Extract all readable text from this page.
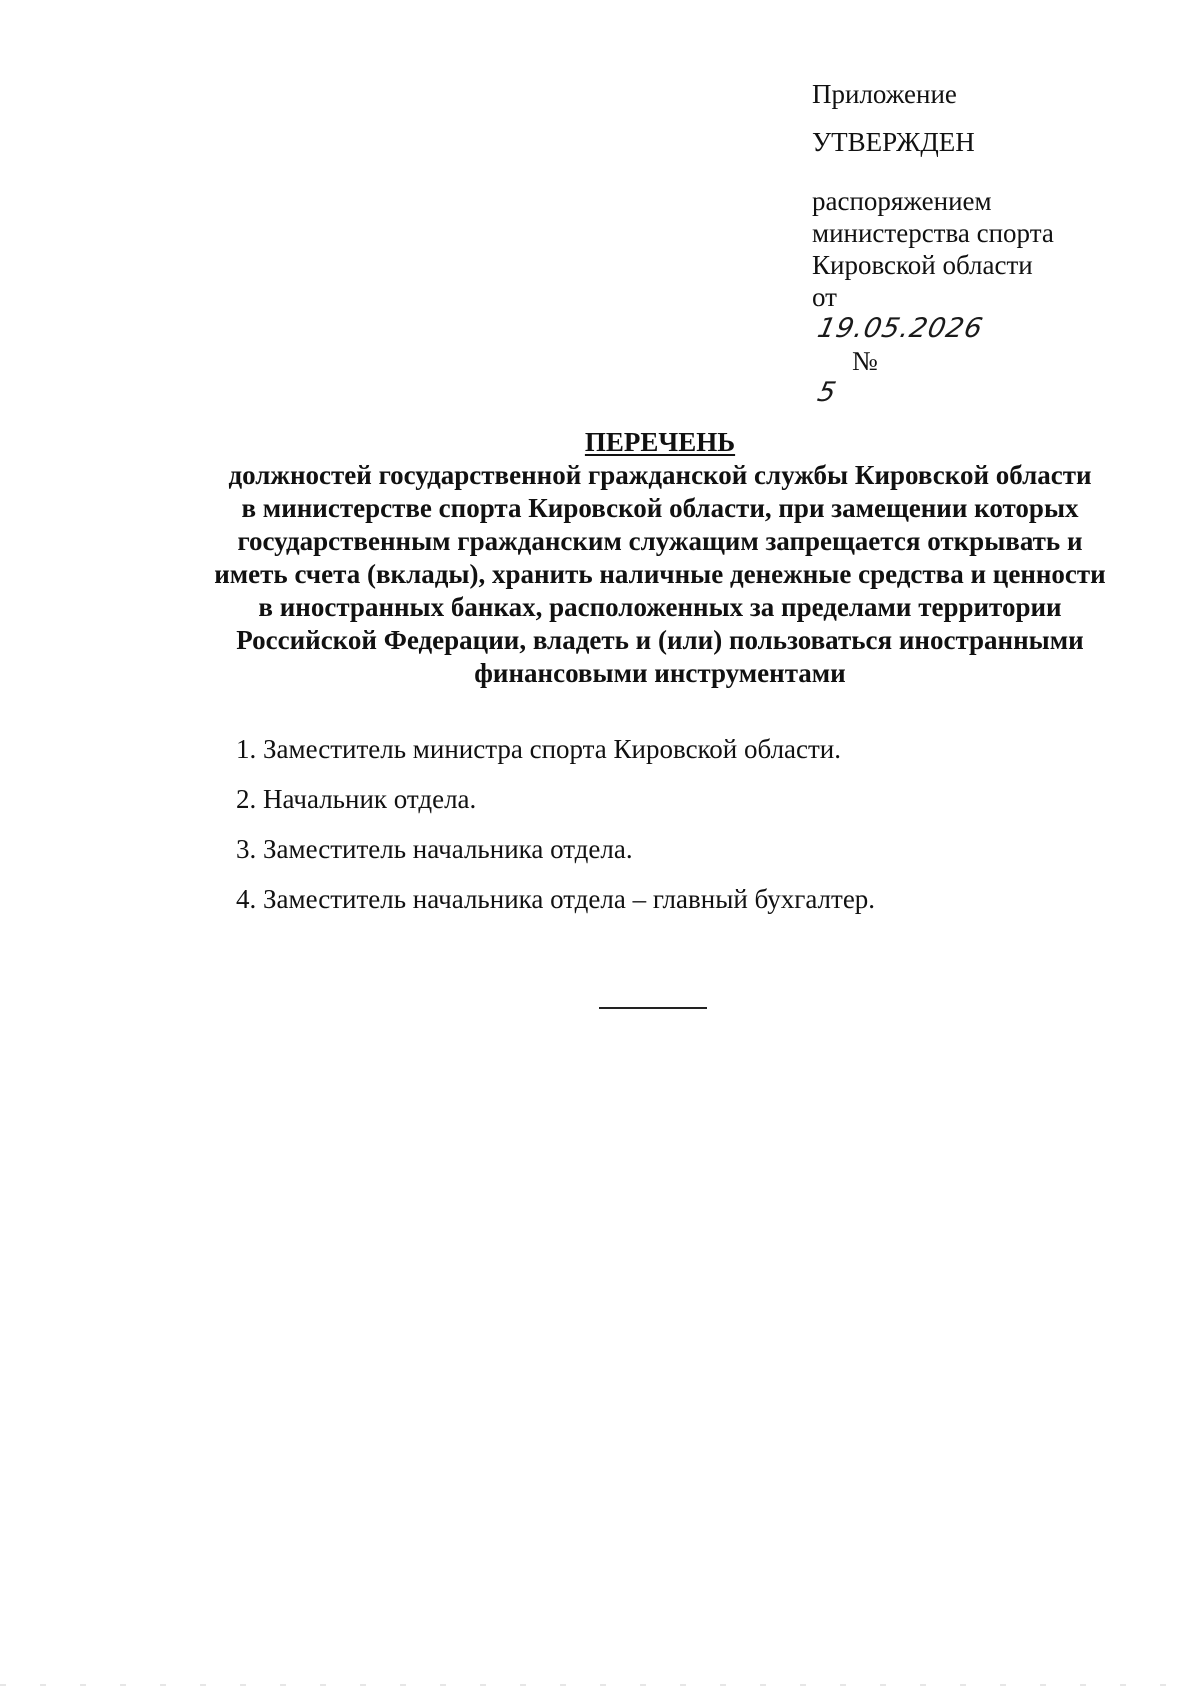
Приложение
УТВЕРЖДЕН
распоряжением
министерства спорта
Кировской области
от
19.05.2026
№
5
ПЕРЕЧЕНЬ
должностей государственной гражданской службы Кировской области
в министерстве спорта Кировской области, при замещении которых
государственным гражданским служащим запрещается открывать и
иметь счета (вклады), хранить наличные денежные средства и ценности
в иностранных банках, расположенных за пределами территории
Российской Федерации, владеть и (или) пользоваться иностранными
финансовыми инструментами
1. Заместитель министра спорта Кировской области.
2. Начальник отдела.
3. Заместитель начальника отдела.
4. Заместитель начальника отдела – главный бухгалтер.
